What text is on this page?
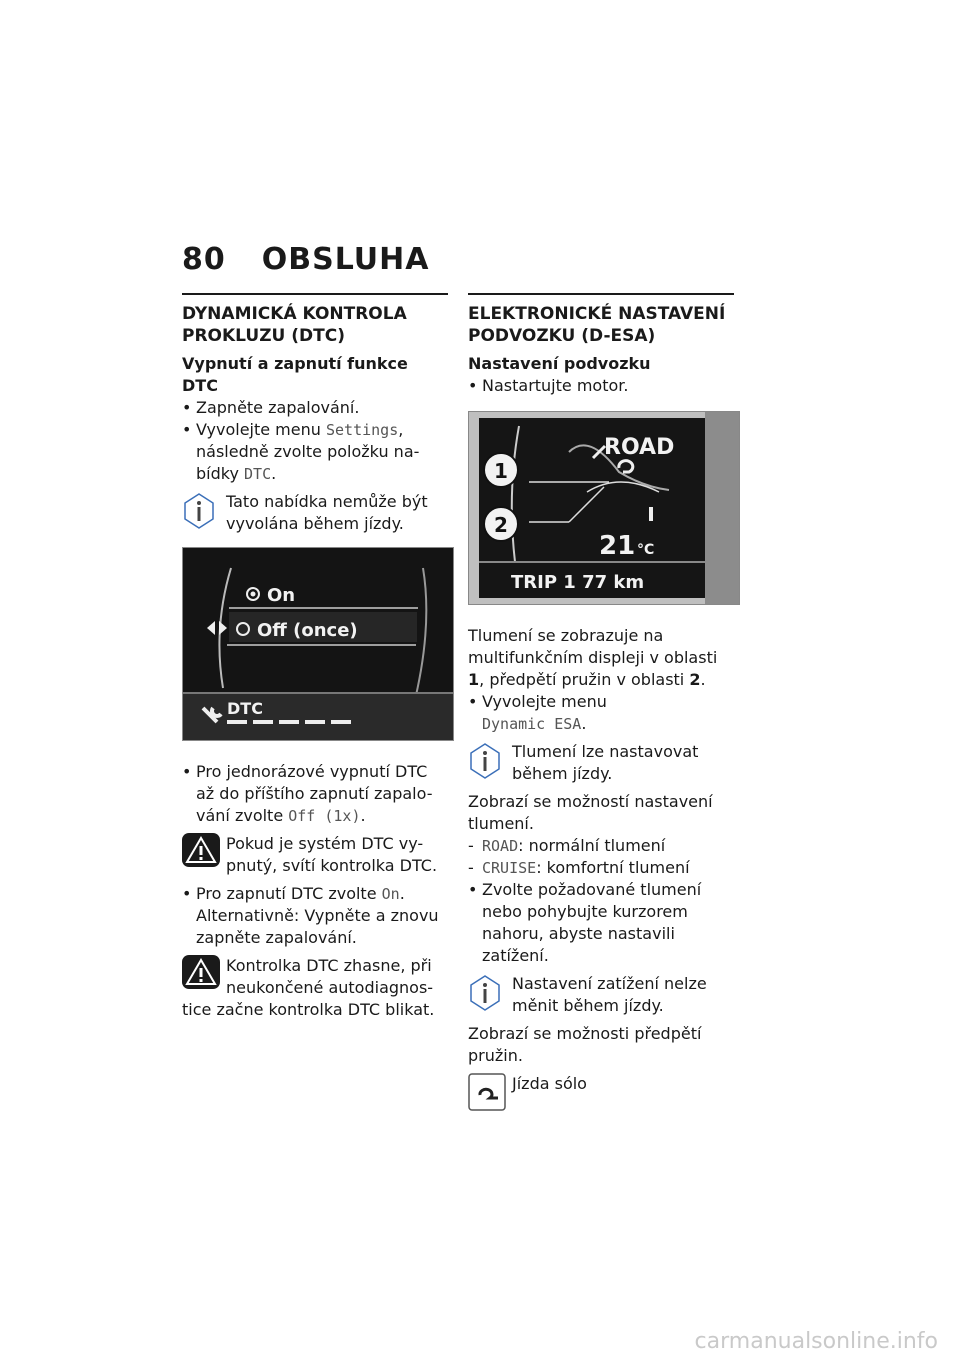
80 OBSLUHA
DYNAMICKÁ KONTROLA PROKLUZU (DTC)
Vypnutí a zapnutí funkce DTC
• Zapněte zapalování.
• Vyvolejte menu Settings,
následně zvolte položku na-
bídky DTC.
Tato nabídka nemůže být vyvolána během jízdy.
On
Off (once)
DTC
• Pro jednorázové vypnutí DTC
až do příštího zapnutí zapalo-
vání zvolte Off (1x).
Pokud je systém DTC vy-pnutý, svítí kontrolka DTC.
• Pro zapnutí DTC zvolte On.

Alternativně: Vypněte a znovu zapněte zapalování.

Kontrolka DTC zhasne, při neukončené autodiagnos-
tice začne kontrolka DTC blikat.
ELEKTRONICKÉ NASTAVENÍ PODVOZKU (D-ESA)
Nastavení podvozku
• Nastartujte motor.
ROAD
1
2
21 °C
TRIP 1 77 km

Tlumení se zobrazuje na multifunkčním displeji v oblasti 1, předpětí pružin v oblasti 2.

• Vyvolejte menu
Dynamic ESA.
Tlumení lze nastavovat během jízdy.

Zobrazí se možností nastavení tlumení.

- ROAD: normální tlumení
- CRUISE: komfortní tlumení
• Zvolte požadované tlumení nebo pohybujte kurzorem nahoru, abyste nastavili zatížení.
Nastavení zatížení nelze měnit během jízdy.

Zobrazí se možnosti předpětí pružin.

Jízda sólo
carmanualsonline.info
